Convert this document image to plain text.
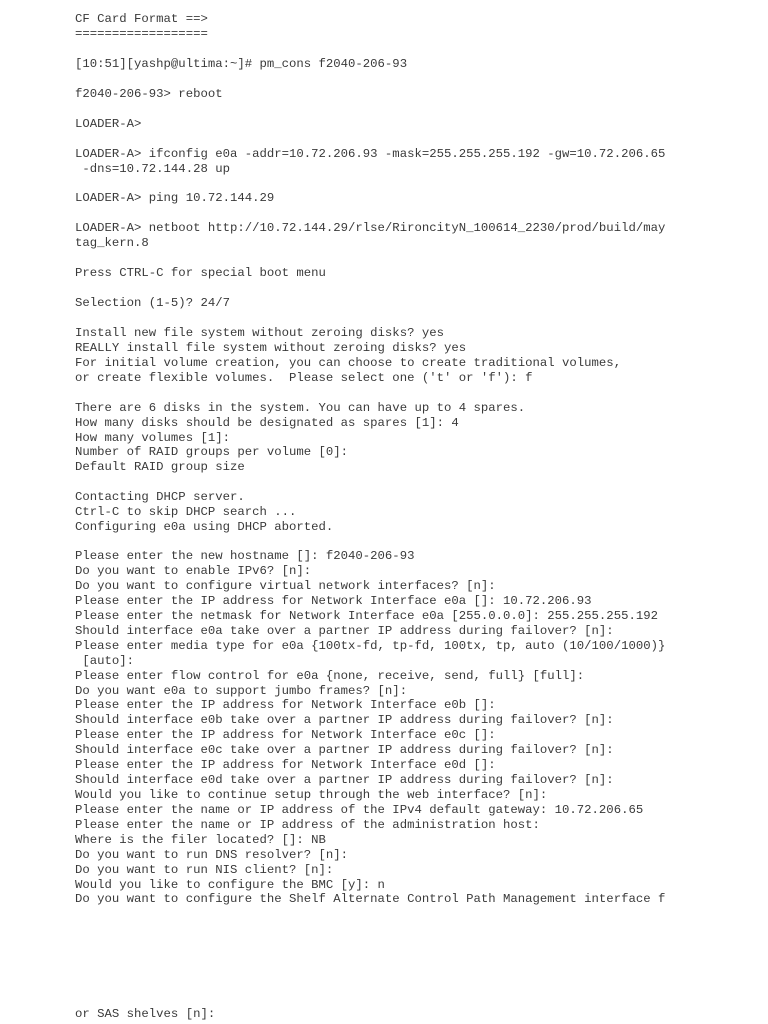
CF Card Format ==>
==================
[10:51][yashp@ultima:~]# pm_cons f2040-206-93
f2040-206-93> reboot
LOADER-A>
LOADER-A> ifconfig e0a -addr=10.72.206.93 -mask=255.255.255.192 -gw=10.72.206.65
-dns=10.72.144.28 up
LOADER-A> ping 10.72.144.29
LOADER-A> netboot http://10.72.144.29/rlse/RironcityN_100614_2230/prod/build/may
tag_kern.8
Press CTRL-C for special boot menu
Selection (1-5)? 24/7
Install new file system without zeroing disks? yes
REALLY install file system without zeroing disks? yes
For initial volume creation, you can choose to create traditional volumes,
or create flexible volumes.  Please select one ('t' or 'f'): f
There are 6 disks in the system. You can have up to 4 spares.
How many disks should be designated as spares [1]: 4
How many volumes [1]:
Number of RAID groups per volume [0]:
Default RAID group size
Contacting DHCP server.
Ctrl-C to skip DHCP search ...
Configuring e0a using DHCP aborted.
Please enter the new hostname []: f2040-206-93
Do you want to enable IPv6? [n]:
Do you want to configure virtual network interfaces? [n]:
Please enter the IP address for Network Interface e0a []: 10.72.206.93
Please enter the netmask for Network Interface e0a [255.0.0.0]: 255.255.255.192
Should interface e0a take over a partner IP address during failover? [n]:
Please enter media type for e0a {100tx-fd, tp-fd, 100tx, tp, auto (10/100/1000)}
[auto]:
Please enter flow control for e0a {none, receive, send, full} [full]:
Do you want e0a to support jumbo frames? [n]:
Please enter the IP address for Network Interface e0b []:
Should interface e0b take over a partner IP address during failover? [n]:
Please enter the IP address for Network Interface e0c []:
Should interface e0c take over a partner IP address during failover? [n]:
Please enter the IP address for Network Interface e0d []:
Should interface e0d take over a partner IP address during failover? [n]:
Would you like to continue setup through the web interface? [n]:
Please enter the name or IP address of the IPv4 default gateway: 10.72.206.65
Please enter the name or IP address of the administration host:
Where is the filer located? []: NB
Do you want to run DNS resolver? [n]:
Do you want to run NIS client? [n]:
Would you like to configure the BMC [y]: n
Do you want to configure the Shelf Alternate Control Path Management interface f
or SAS shelves [n]:
